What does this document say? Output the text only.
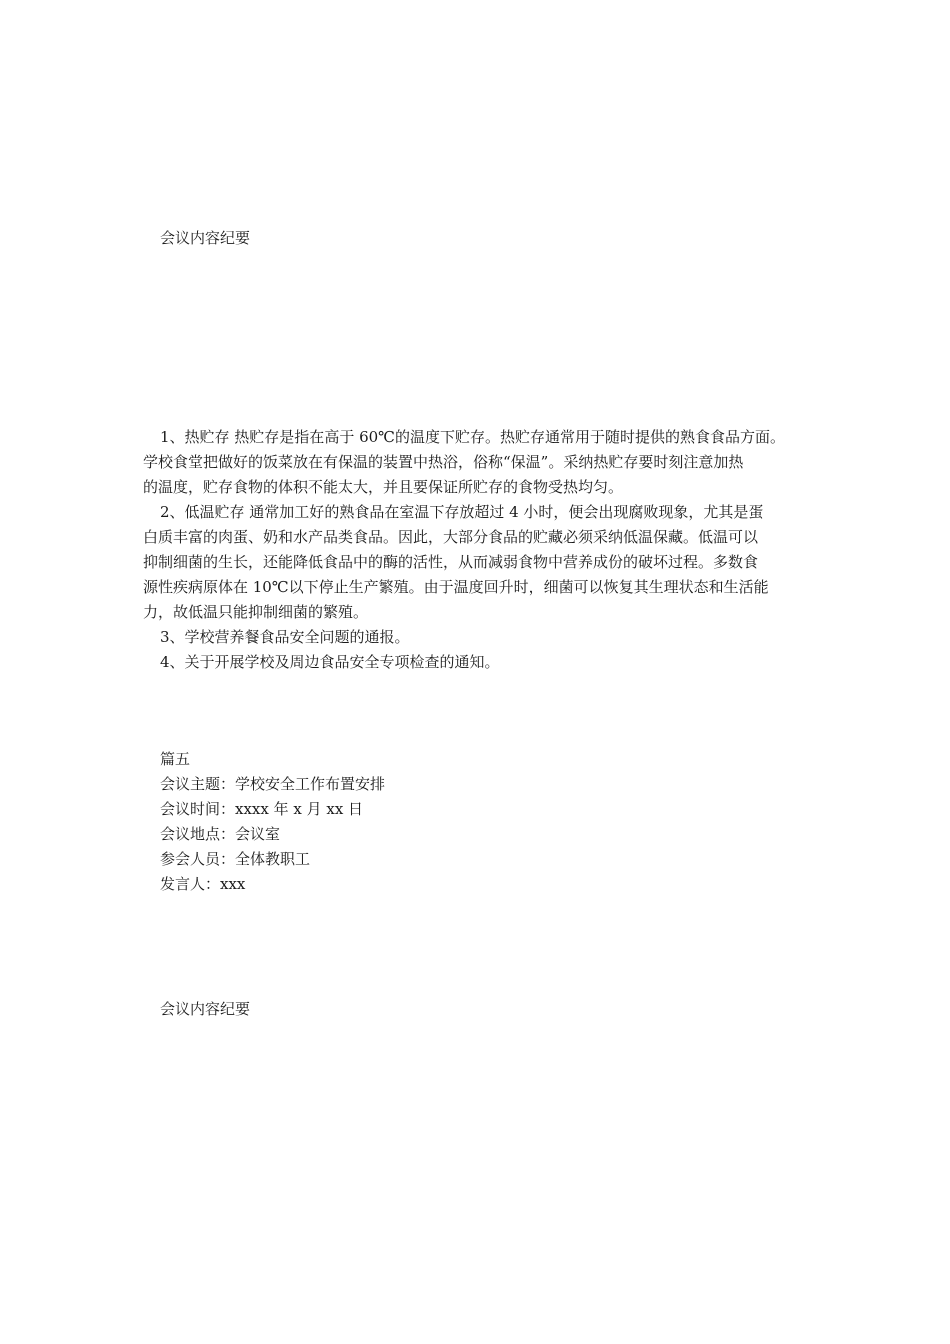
会议内容纪要

1、热贮存 热贮存是指在高于 60℃的温度下贮存。热贮存通常用于随时提供的熟食食品方面。

学校食堂把做好的饭菜放在有保温的装置中热浴，俗称“保温”。采纳热贮存要时刻注意加热

的温度，贮存食物的体积不能太大，并且要保证所贮存的食物受热均匀。

2、低温贮存 通常加工好的熟食品在室温下存放超过 4 小时，便会出现腐败现象，尤其是蛋

白质丰富的肉蛋、奶和水产品类食品。因此，大部分食品的贮藏必须采纳低温保藏。低温可以

抑制细菌的生长，还能降低食品中的酶的活性，从而减弱食物中营养成份的破坏过程。多数食

源性疾病原体在 10℃以下停止生产繁殖。由于温度回升时，细菌可以恢复其生理状态和生活能

力，故低温只能抑制细菌的繁殖。

3、学校营养餐食品安全问题的通报。

4、关于开展学校及周边食品安全专项检查的通知。

篇五

会议主题：学校安全工作布置安排

会议时间：xxxx 年 x 月 xx 日

会议地点：会议室

参会人员：全体教职工

发言人：xxx

会议内容纪要
